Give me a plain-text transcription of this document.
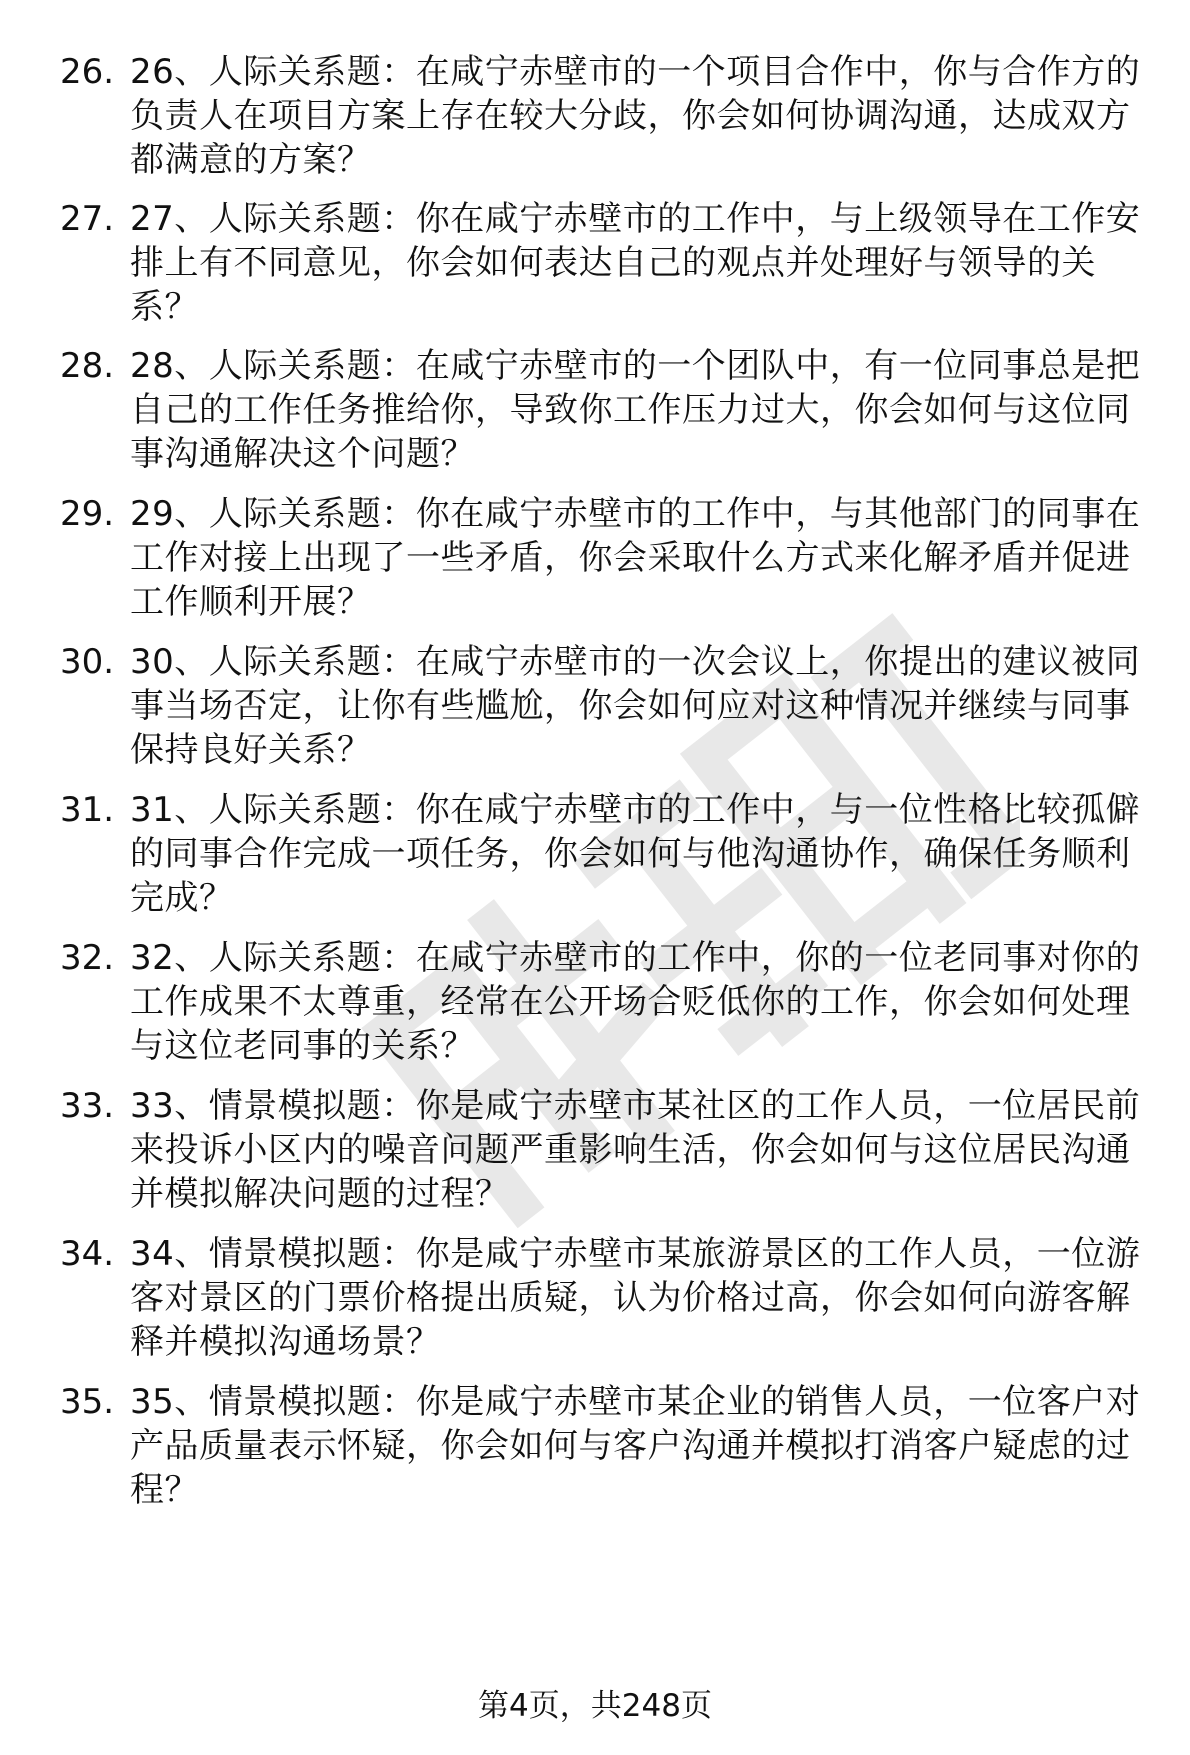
26. 26、人际关系题：在咸宁赤壁市的一个项目合作中，你与合作方的负责人在项目方案上存在较大分歧，你会如何协调沟通，达成双方都满意的方案？
27. 27、人际关系题：你在咸宁赤壁市的工作中，与上级领导在工作安排上有不同意见，你会如何表达自己的观点并处理好与领导的关系？
28. 28、人际关系题：在咸宁赤壁市的一个团队中，有一位同事总是把自己的工作任务推给你，导致你工作压力过大，你会如何与这位同事沟通解决这个问题？
29. 29、人际关系题：你在咸宁赤壁市的工作中，与其他部门的同事在工作对接上出现了一些矛盾，你会采取什么方式来化解矛盾并促进工作顺利开展？
30. 30、人际关系题：在咸宁赤壁市的一次会议上，你提出的建议被同事当场否定，让你有些尴尬，你会如何应对这种情况并继续与同事保持良好关系？
31. 31、人际关系题：你在咸宁赤壁市的工作中，与一位性格比较孤僻的同事合作完成一项任务，你会如何与他沟通协作，确保任务顺利完成？
32. 32、人际关系题：在咸宁赤壁市的工作中，你的一位老同事对你的工作成果不太尊重，经常在公开场合贬低你的工作，你会如何处理与这位老同事的关系？
33. 33、情景模拟题：你是咸宁赤壁市某社区的工作人员，一位居民前来投诉小区内的噪音问题严重影响生活，你会如何与这位居民沟通并模拟解决问题的过程？
34. 34、情景模拟题：你是咸宁赤壁市某旅游景区的工作人员，一位游客对景区的门票价格提出质疑，认为价格过高，你会如何向游客解释并模拟沟通场景？
35. 35、情景模拟题：你是咸宁赤壁市某企业的销售人员，一位客户对产品质量表示怀疑，你会如何与客户沟通并模拟打消客户疑虑的过程？
第4页，共248页
